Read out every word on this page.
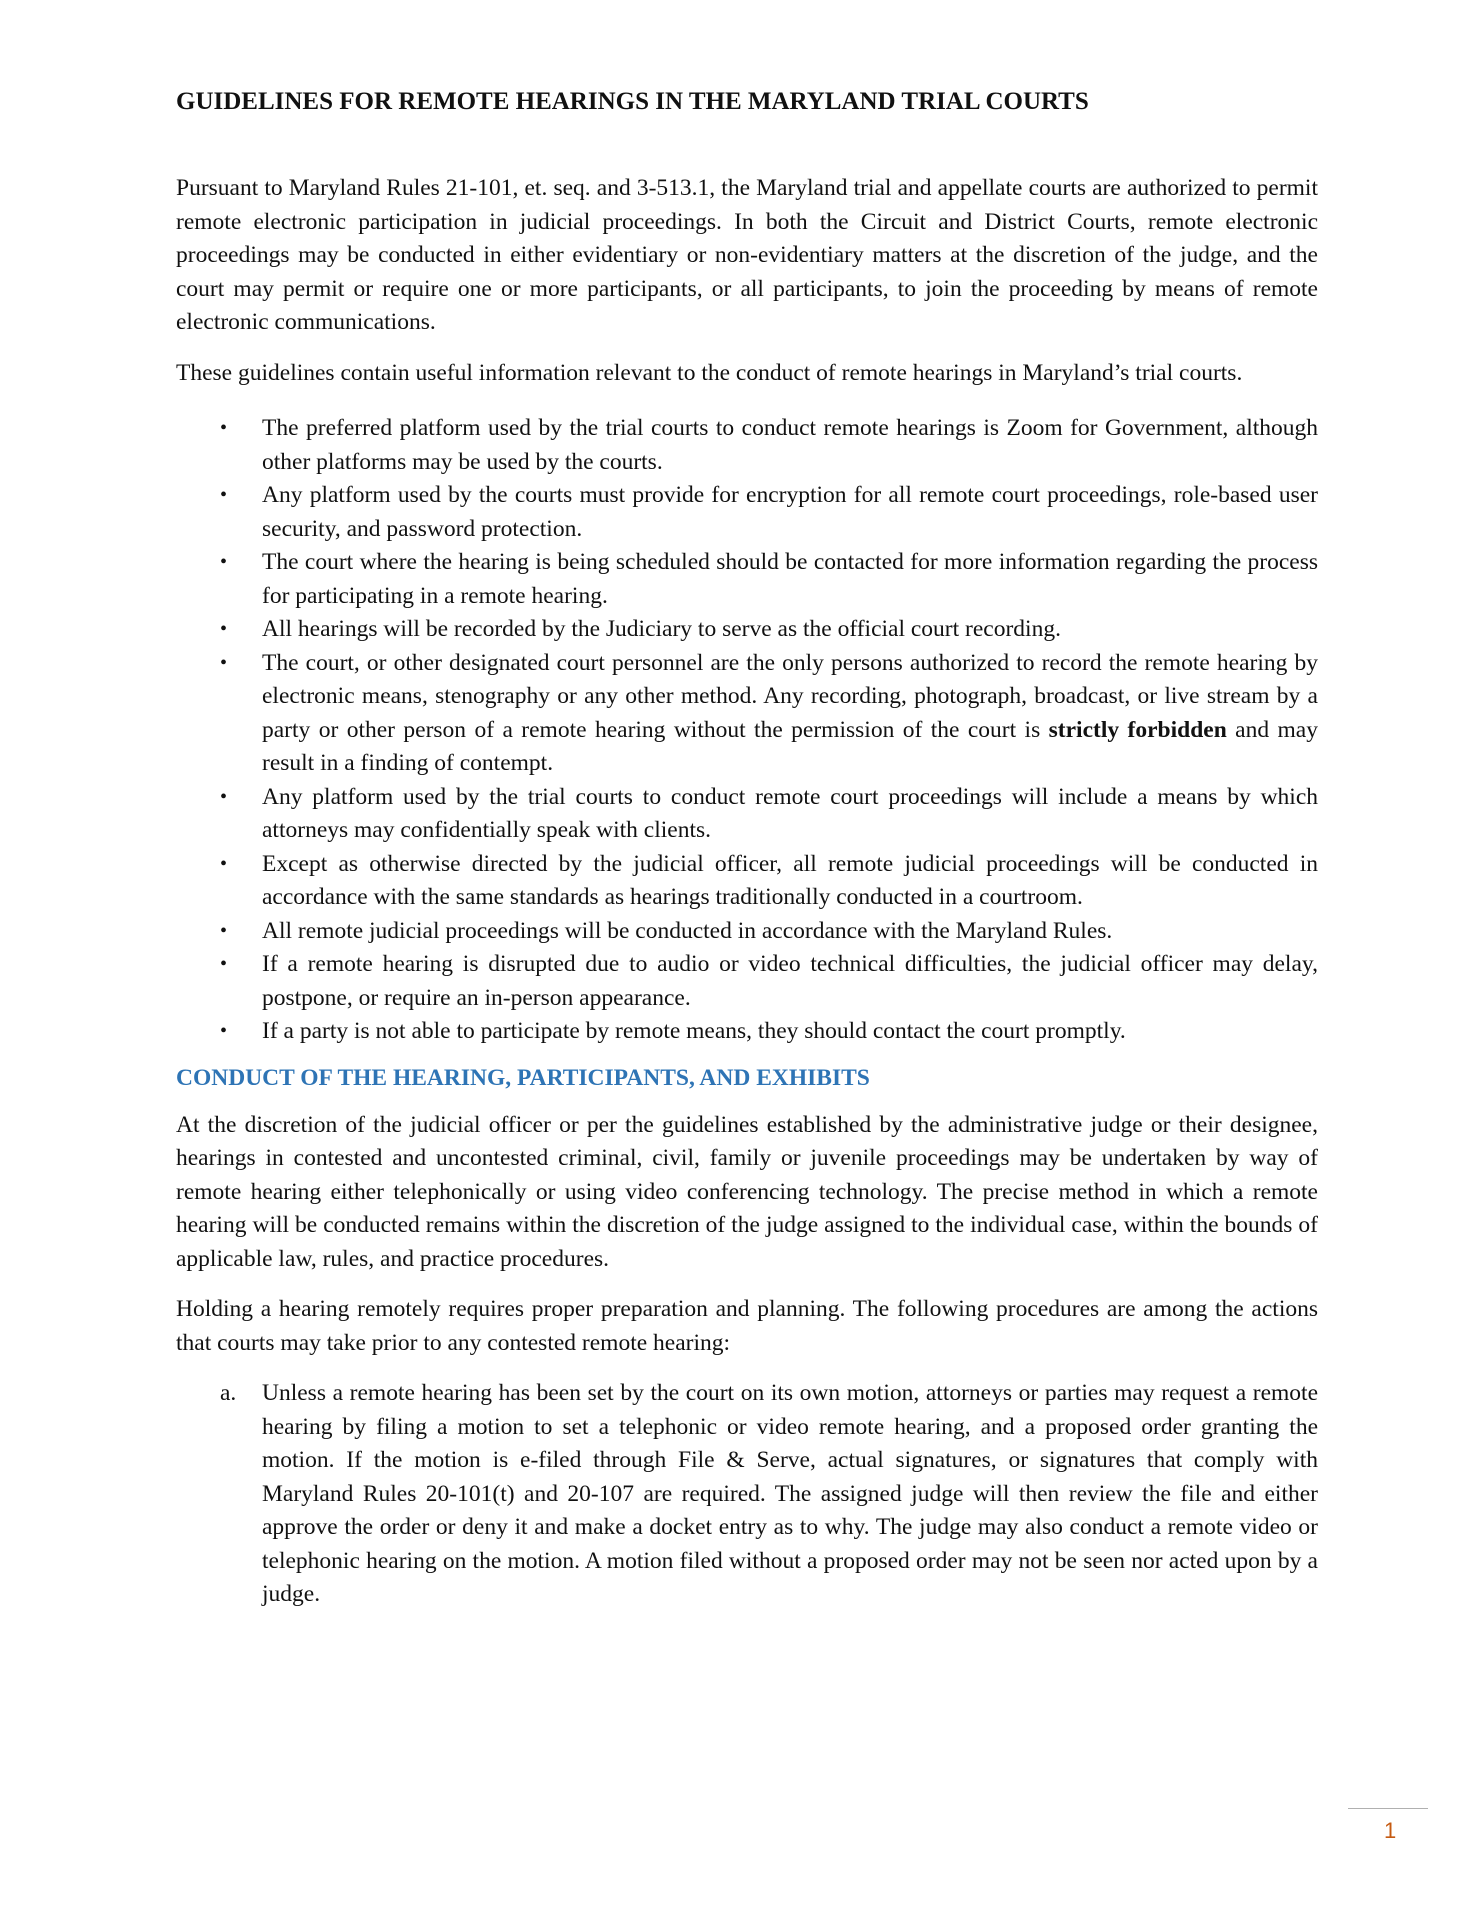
GUIDELINES FOR REMOTE HEARINGS IN THE MARYLAND TRIAL COURTS

Pursuant to Maryland Rules 21-101, et. seq. and 3-513.1, the Maryland trial and appellate courts are authorized to permit remote electronic participation in judicial proceedings. In both the Circuit and District Courts, remote electronic proceedings may be conducted in either evidentiary or non-evidentiary matters at the discretion of the judge, and the court may permit or require one or more participants, or all participants, to join the proceeding by means of remote electronic communications.

These guidelines contain useful information relevant to the conduct of remote hearings in Maryland’s trial courts.

• The preferred platform used by the trial courts to conduct remote hearings is Zoom for Government, although other platforms may be used by the courts.
• Any platform used by the courts must provide for encryption for all remote court proceedings, role-based user security, and password protection.
• The court where the hearing is being scheduled should be contacted for more information regarding the process for participating in a remote hearing.
• All hearings will be recorded by the Judiciary to serve as the official court recording.
• The court, or other designated court personnel are the only persons authorized to record the remote hearing by electronic means, stenography or any other method. Any recording, photograph, broadcast, or live stream by a party or other person of a remote hearing without the permission of the court is strictly forbidden and may result in a finding of contempt.
• Any platform used by the trial courts to conduct remote court proceedings will include a means by which attorneys may confidentially speak with clients.
• Except as otherwise directed by the judicial officer, all remote judicial proceedings will be conducted in accordance with the same standards as hearings traditionally conducted in a courtroom.
• All remote judicial proceedings will be conducted in accordance with the Maryland Rules.
• If a remote hearing is disrupted due to audio or video technical difficulties, the judicial officer may delay, postpone, or require an in-person appearance.
• If a party is not able to participate by remote means, they should contact the court promptly.
CONDUCT OF THE HEARING, PARTICIPANTS, AND EXHIBITS

At the discretion of the judicial officer or per the guidelines established by the administrative judge or their designee, hearings in contested and uncontested criminal, civil, family or juvenile proceedings may be undertaken by way of remote hearing either telephonically or using video conferencing technology. The precise method in which a remote hearing will be conducted remains within the discretion of the judge assigned to the individual case, within the bounds of applicable law, rules, and practice procedures.

Holding a hearing remotely requires proper preparation and planning. The following procedures are among the actions that courts may take prior to any contested remote hearing:

a. Unless a remote hearing has been set by the court on its own motion, attorneys or parties may request a remote hearing by filing a motion to set a telephonic or video remote hearing, and a proposed order granting the motion. If the motion is e-filed through File & Serve, actual signatures, or signatures that comply with Maryland Rules 20-101(t) and 20-107 are required. The assigned judge will then review the file and either approve the order or deny it and make a docket entry as to why. The judge may also conduct a remote video or telephonic hearing on the motion. A motion filed without a proposed order may not be seen nor acted upon by a judge.
1
